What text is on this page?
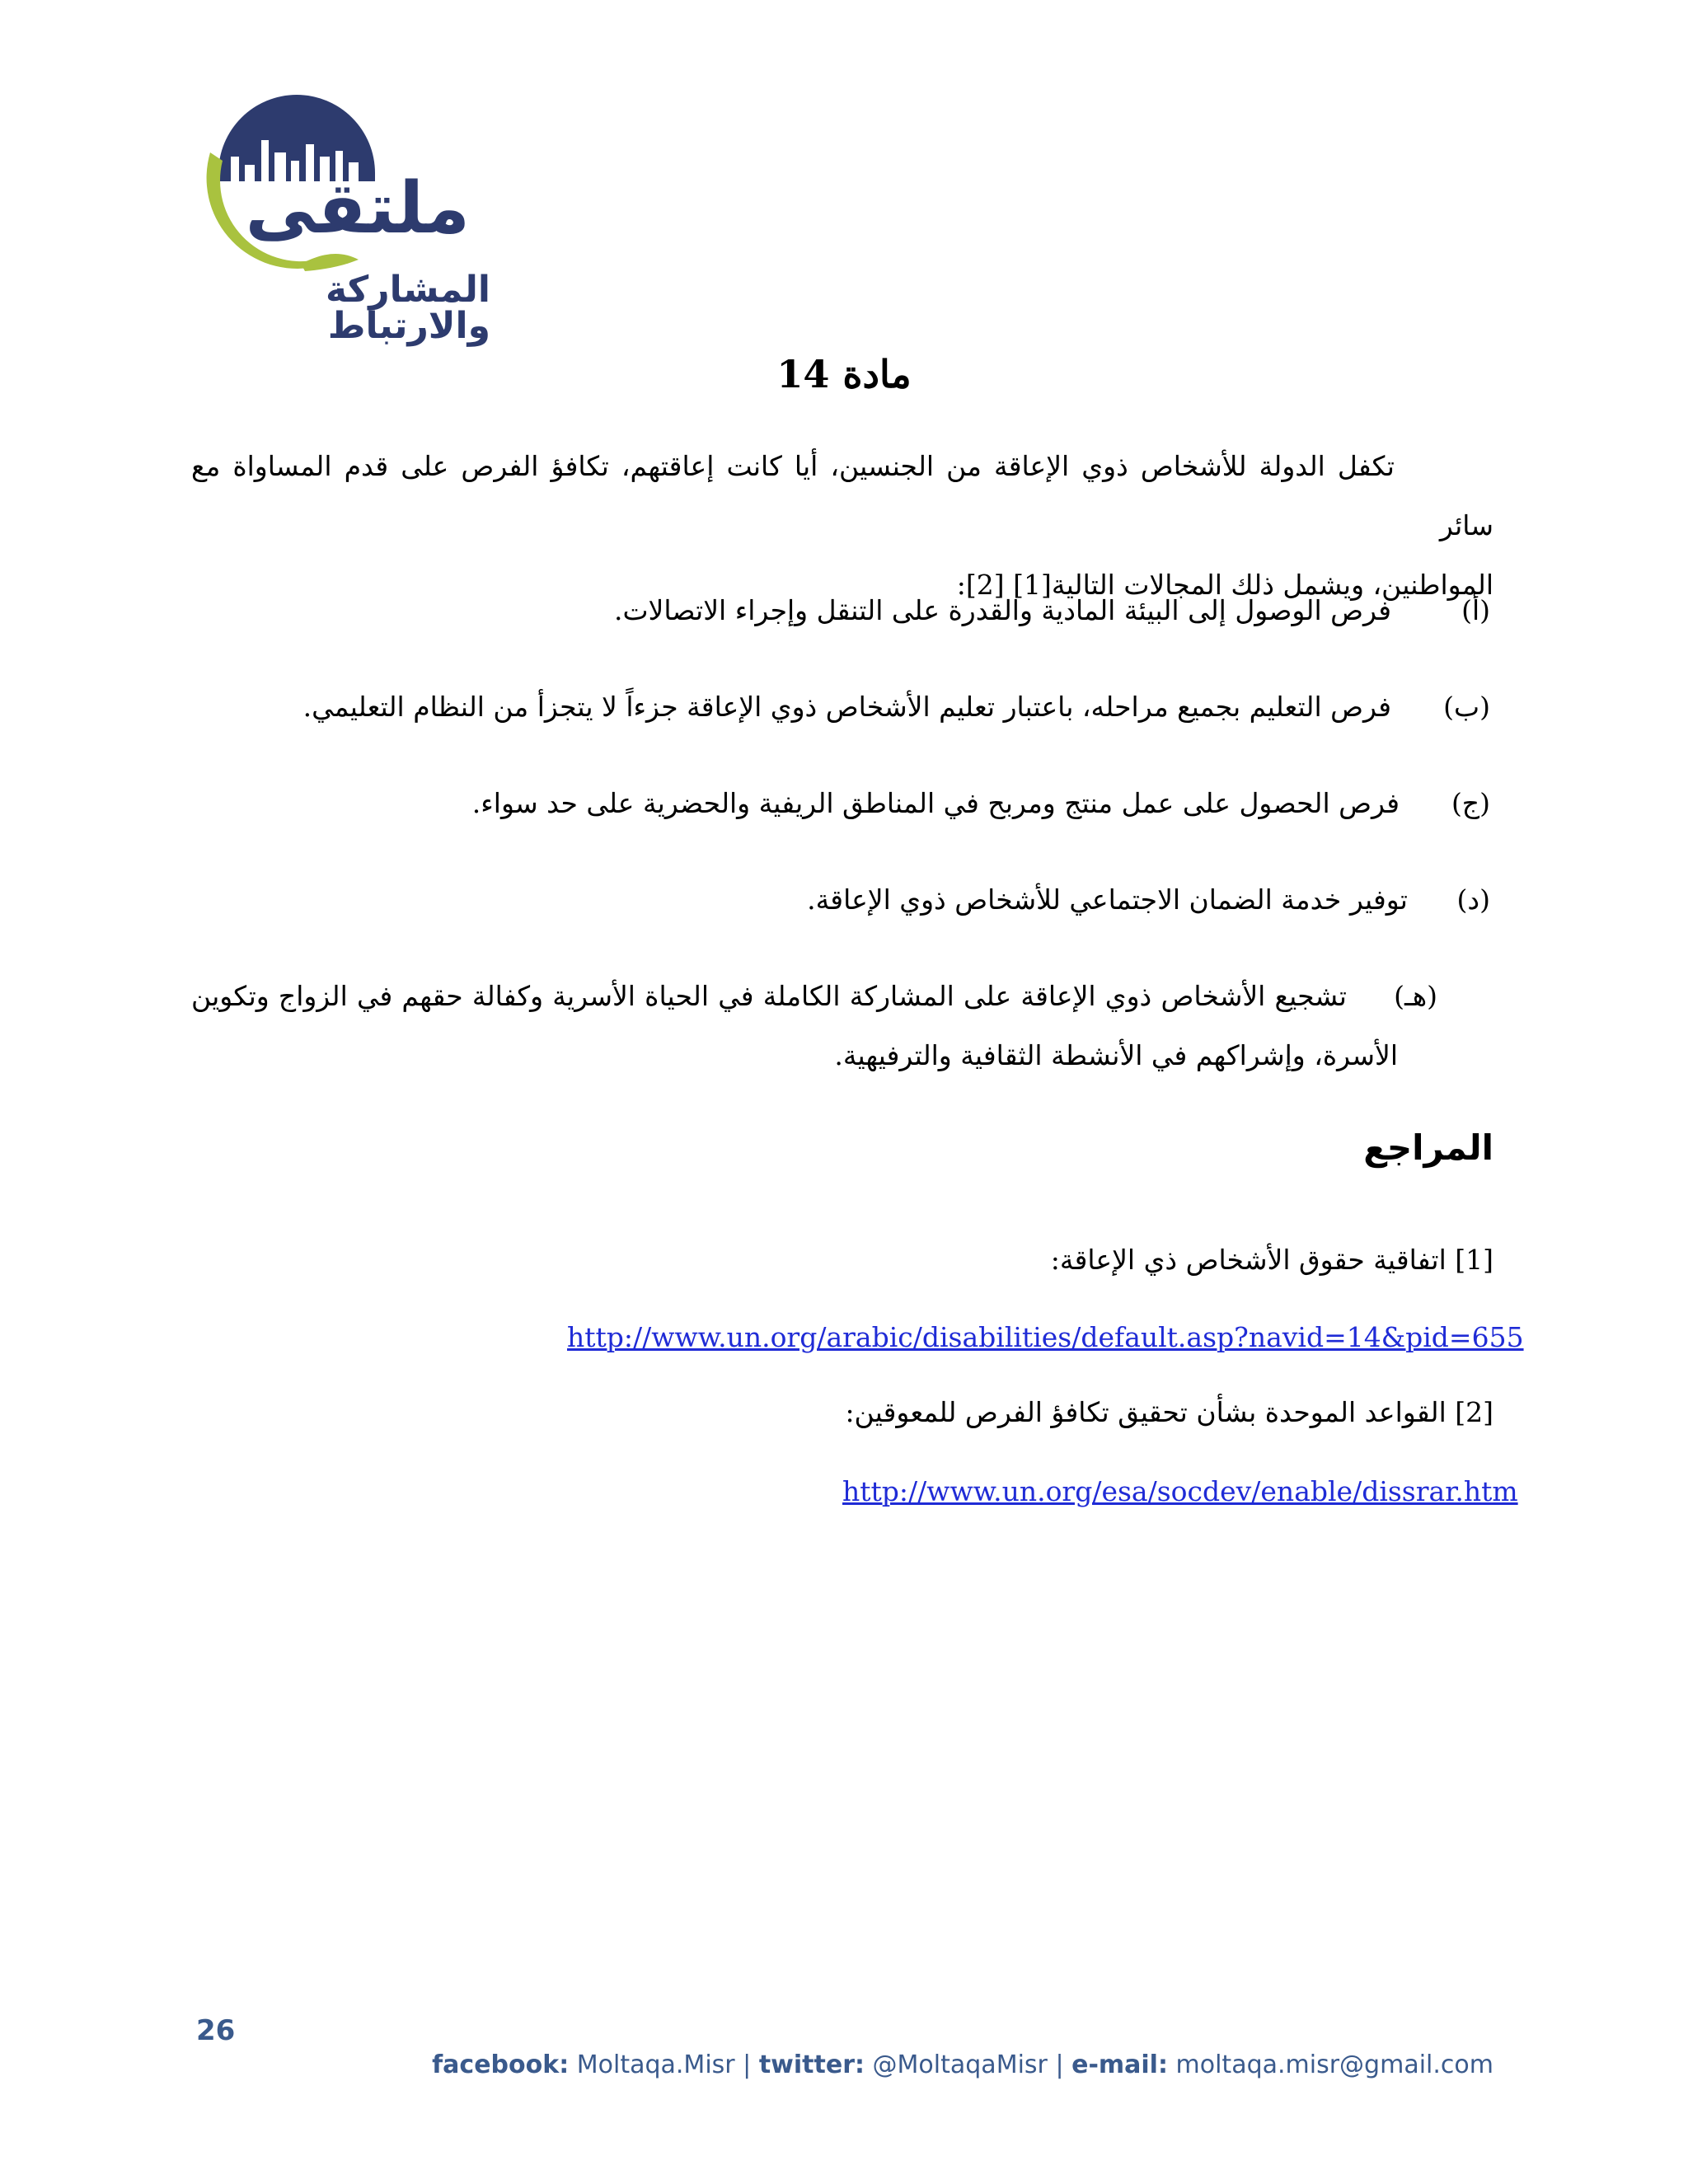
ملتقى
المشاركة والارتباط
مادة 14
تكفل الدولة للأشخاص ذوي الإعاقة من الجنسين، أيا كانت إعاقتهم، تكافؤ الفرص على قدم المساواة مع سائر
المواطنين، ويشمل ذلك المجالات التالية[1] [2]:
(أ)
فرص الوصول إلى البيئة المادية والقدرة على التنقل وإجراء الاتصالات.
(ب)
فرص التعليم بجميع مراحله، باعتبار تعليم الأشخاص ذوي الإعاقة جزءاً لا يتجزأ من النظام التعليمي.
(ج)
فرص الحصول على عمل منتج ومربح في المناطق الريفية والحضرية على حد سواء.
(د)
توفير خدمة الضمان الاجتماعي للأشخاص ذوي الإعاقة.
(هـ)
تشجيع الأشخاص ذوي الإعاقة على المشاركة الكاملة في الحياة الأسرية وكفالة حقهم في الزواج وتكوين
الأسرة، وإشراكهم في الأنشطة الثقافية والترفيهية.
المراجع
[1] اتفاقية حقوق الأشخاص ذي الإعاقة:
http://www.un.org/arabic/disabilities/default.asp?navid=14&pid=655
[2] القواعد الموحدة بشأن تحقيق تكافؤ الفرص للمعوقين:
http://www.un.org/esa/socdev/enable/dissrar.htm
26
facebook: Moltaqa.Misr | twitter: @MoltaqaMisr | e-mail: moltaqa.misr@gmail.com
